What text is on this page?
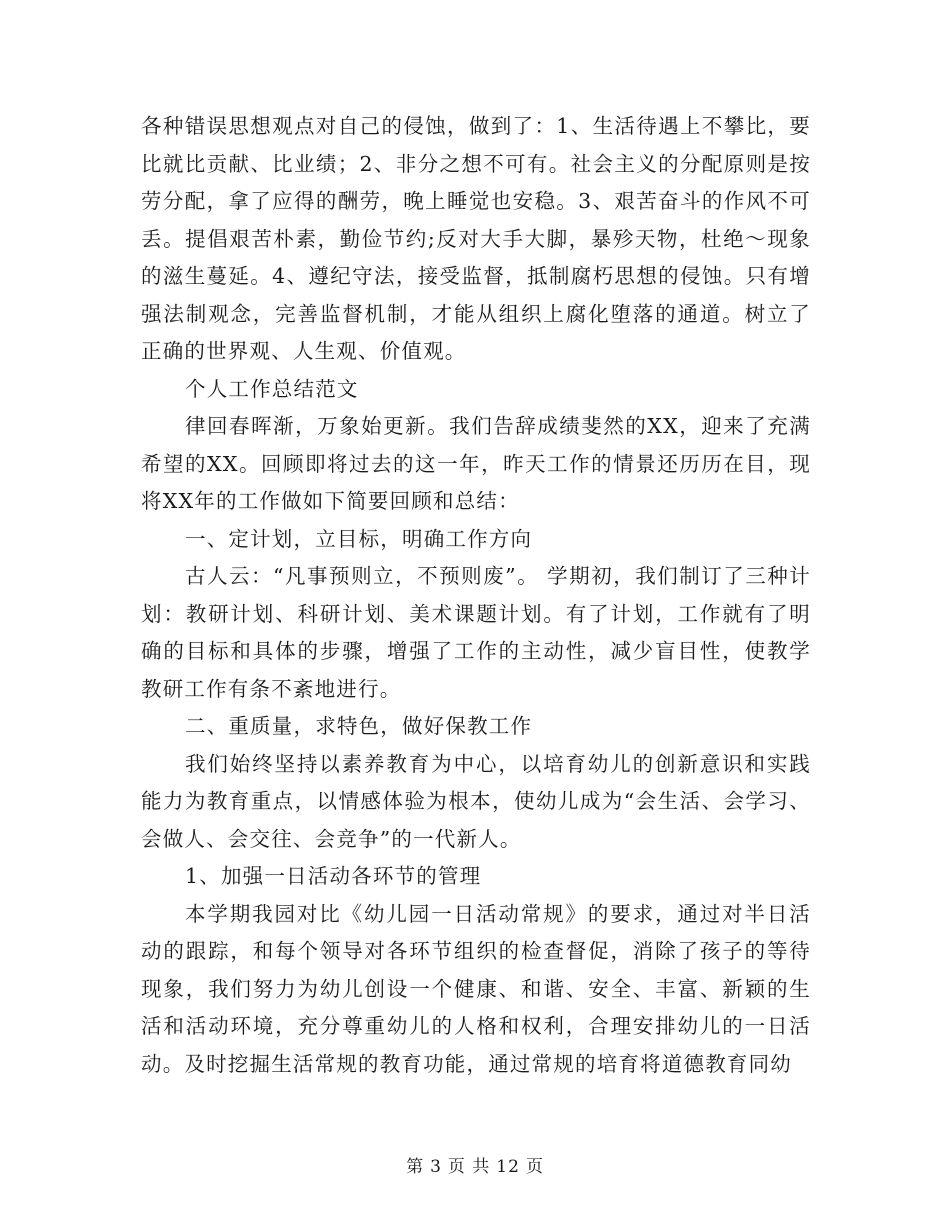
各种错误思想观点对自己的侵蚀，做到了：1、生活待遇上不攀比，要比就比贡献、比业绩；2、非分之想不可有。社会主义的分配原则是按劳分配，拿了应得的酬劳，晚上睡觉也安稳。3、艰苦奋斗的作风不可丢。提倡艰苦朴素，勤俭节约;反对大手大脚，暴殄天物，杜绝～现象的滋生蔓延。4、遵纪守法，接受监督，抵制腐朽思想的侵蚀。只有增强法制观念，完善监督机制，才能从组织上腐化堕落的通道。树立了正确的世界观、人生观、价值观。

个人工作总结范文

律回春晖渐，万象始更新。我们告辞成绩斐然的XX，迎来了充满希望的XX。回顾即将过去的这一年，昨天工作的情景还历历在目，现将XX年的工作做如下简要回顾和总结：

一、定计划，立目标，明确工作方向

古人云：“凡事预则立，不预则废”。 学期初，我们制订了三种计划：教研计划、科研计划、美术课题计划。有了计划，工作就有了明确的目标和具体的步骤，增强了工作的主动性，减少盲目性，使教学教研工作有条不紊地进行。

二、重质量，求特色，做好保教工作

我们始终坚持以素养教育为中心，以培育幼儿的创新意识和实践能力为教育重点，以情感体验为根本，使幼儿成为“会生活、会学习、会做人、会交往、会竞争”的一代新人。

1、加强一日活动各环节的管理

本学期我园对比《幼儿园一日活动常规》的要求，通过对半日活动的跟踪，和每个领导对各环节组织的检查督促，消除了孩子的等待现象，我们努力为幼儿创设一个健康、和谐、安全、丰富、新颖的生活和活动环境，充分尊重幼儿的人格和权利，合理安排幼儿的一日活动。及时挖掘生活常规的教育功能，通过常规的培育将道德教育同幼

第 3 页 共 12 页
